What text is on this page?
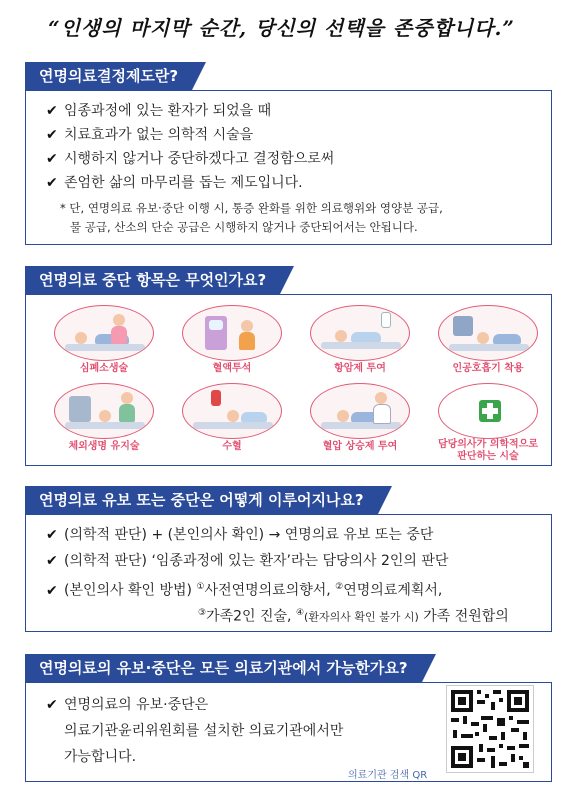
“인생의 마지막 순간, 당신의 선택을 존중합니다.”
✔ 임종과정에 있는 환자가 되었을 때
✔ 치료효과가 없는 의학적 시술을
✔ 시행하지 않거나 중단하겠다고 결정함으로써
✔ 존엄한 삶의 마무리를 돕는 제도입니다.
* 단, 연명의료 유보·중단 이행 시, 통증 완화를 위한 의료행위와 영양분 공급,
물 공급, 산소의 단순 공급은 시행하지 않거나 중단되어서는 안됩니다.
연명의료결정제도란?
심폐소생술	혈액투석	항암제 투여	인공호흡기 착용
체외생명 유지술	수혈	혈압 상승제 투여	담당의사가 의학적으로
판단하는 시술
연명의료 중단 항목은 무엇인가요?
✔ (의학적 판단) + (본인의사 확인) → 연명의료 유보 또는 중단
✔ (의학적 판단) ‘임종과정에 있는 환자’라는 담당의사 2인의 판단
✔ (본인의사 확인 방법) ①사전연명의료의향서, ②연명의료계획서,
③가족2인 진술, ④(환자의사 확인 불가 시) 가족 전원합의
연명의료 유보 또는 중단은 어떻게 이루어지나요?
✔ 연명의료의 유보·중단은
의료기관윤리위원회를 설치한 의료기관에서만
가능합니다.
의료기관 검색 QR
연명의료의 유보·중단은 모든 의료기관에서 가능한가요?
